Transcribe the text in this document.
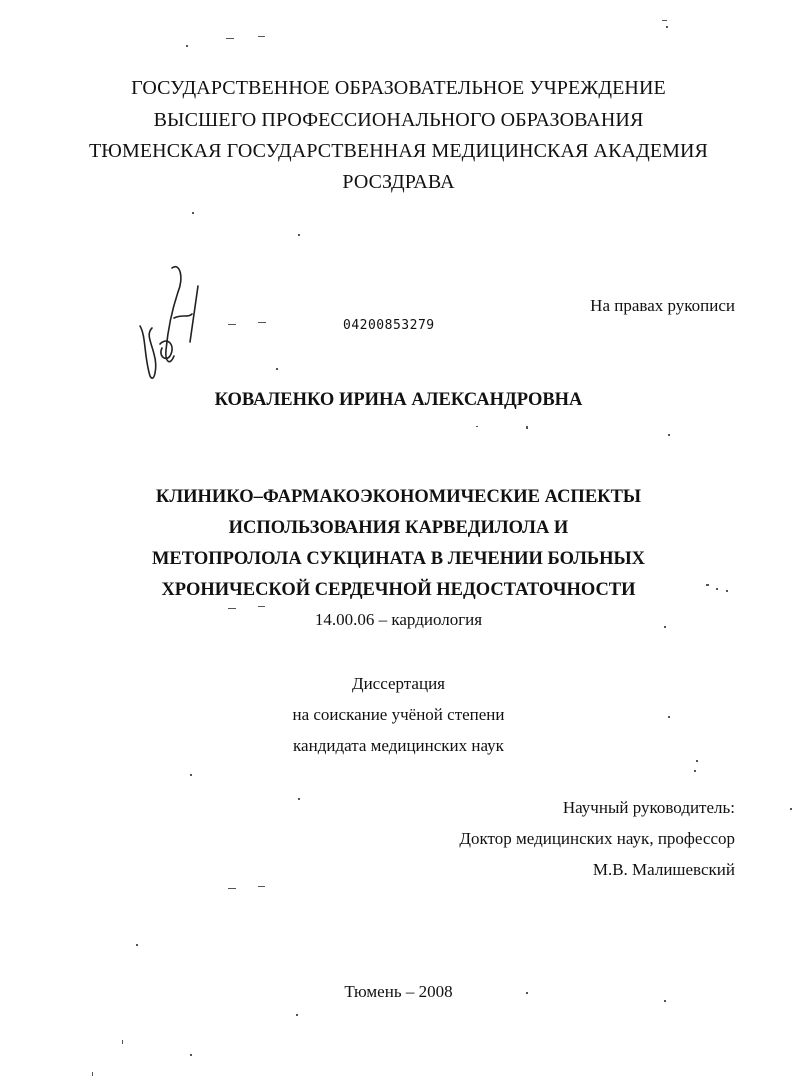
ГОСУДАРСТВЕННОЕ ОБРАЗОВАТЕЛЬНОЕ УЧРЕЖДЕНИЕ
ВЫСШЕГО ПРОФЕССИОНАЛЬНОГО ОБРАЗОВАНИЯ
ТЮМЕНСКАЯ ГОСУДАРСТВЕННАЯ МЕДИЦИНСКАЯ АКАДЕМИЯ
РОСЗДРАВА
На правах рукописи
04200853279
КОВАЛЕНКО ИРИНА АЛЕКСАНДРОВНА
КЛИНИКО–ФАРМАКОЭКОНОМИЧЕСКИЕ АСПЕКТЫ
ИСПОЛЬЗОВАНИЯ КАРВЕДИЛОЛА И
МЕТОПРОЛОЛА СУКЦИНАТА В ЛЕЧЕНИИ БОЛЬНЫХ
ХРОНИЧЕСКОЙ СЕРДЕЧНОЙ НЕДОСТАТОЧНОСТИ
14.00.06 – кардиология
Диссертация
на соискание учёной степени
кандидата медицинских наук
Научный руководитель:
Доктор медицинских наук, профессор
М.В. Малишевский
Тюмень – 2008
